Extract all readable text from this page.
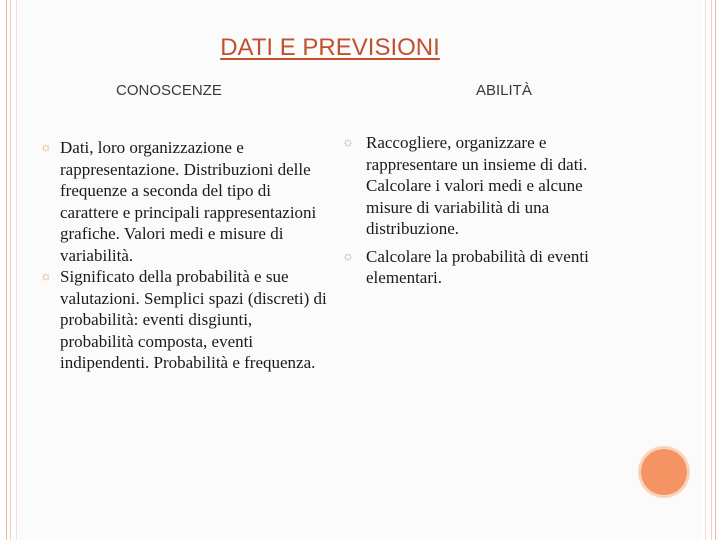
DATI E PREVISIONI
CONOSCENZE	ABILITÀ
☼ Dati, loro organizzazione e rappresentazione. Distribuzioni delle frequenze a seconda del tipo di carattere e principali rappresentazioni grafiche. Valori medi e misure di variabilità.
☼ Significato della probabilità e sue valutazioni. Semplici spazi (discreti) di probabilità: eventi disgiunti, probabilità composta, eventi indipendenti. Probabilità e frequenza.
☼ Raccogliere, organizzare e rappresentare un insieme di dati. Calcolare i valori medi e alcune misure di variabilità di una distribuzione.
☼ Calcolare la probabilità di eventi elementari.
